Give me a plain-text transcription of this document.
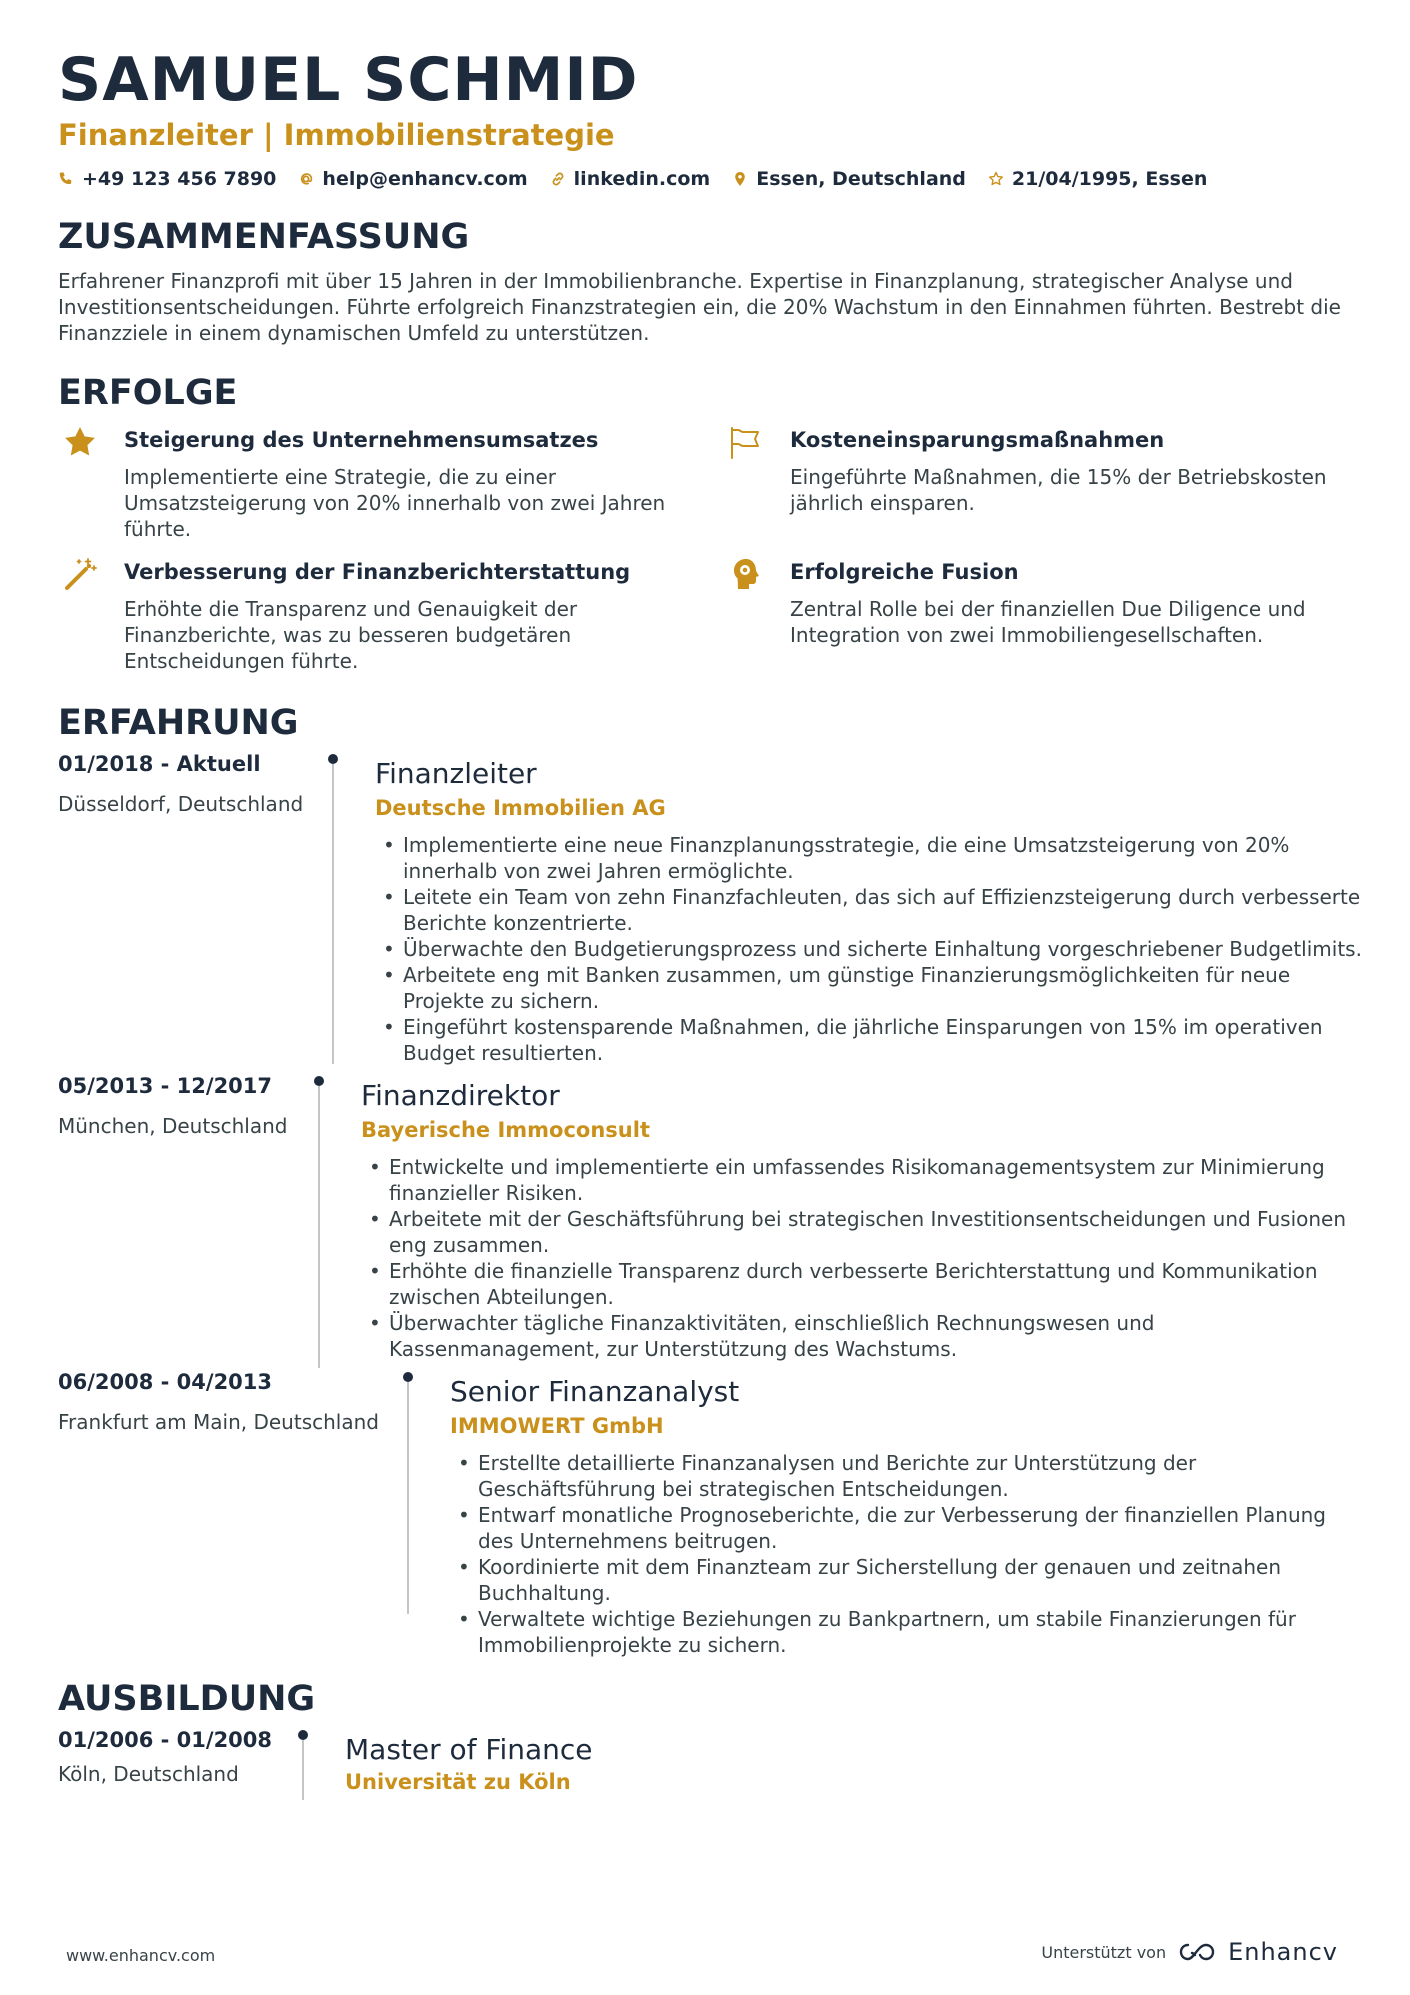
SAMUEL SCHMID
Finanzleiter | Immobilienstrategie
+49 123 456 7890 help@enhancv.com linkedin.com Essen, Deutschland 21/04/1995, Essen
ZUSAMMENFASSUNG
Erfahrener Finanzprofi mit über 15 Jahren in der Immobilienbranche. Expertise in Finanzplanung, strategischer Analyse und Investitionsentscheidungen. Führte erfolgreich Finanzstrategien ein, die 20% Wachstum in den Einnahmen führten. Bestrebt die Finanzziele in einem dynamischen Umfeld zu unterstützen.
ERFOLGE
Steigerung des Unternehmensumsatzes
Implementierte eine Strategie, die zu einer Umsatzsteigerung von 20% innerhalb von zwei Jahren führte.
Kosteneinsparungsmaßnahmen
Eingeführte Maßnahmen, die 15% der Betriebskosten jährlich einsparen.
Verbesserung der Finanzberichterstattung
Erhöhte die Transparenz und Genauigkeit der Finanzberichte, was zu besseren budgetären Entscheidungen führte.
Erfolgreiche Fusion
Zentral Rolle bei der finanziellen Due Diligence und Integration von zwei Immobiliengesellschaften.
ERFAHRUNG
01/2018 - Aktuell
Düsseldorf, Deutschland
Finanzleiter
Deutsche Immobilien AG
• Implementierte eine neue Finanzplanungsstrategie, die eine Umsatzsteigerung von 20% innerhalb von zwei Jahren ermöglichte.
• Leitete ein Team von zehn Finanzfachleuten, das sich auf Effizienzsteigerung durch verbesserte Berichte konzentrierte.
• Überwachte den Budgetierungsprozess und sicherte Einhaltung vorgeschriebener Budgetlimits.
• Arbeitete eng mit Banken zusammen, um günstige Finanzierungsmöglichkeiten für neue Projekte zu sichern.
• Eingeführt kostensparende Maßnahmen, die jährliche Einsparungen von 15% im operativen Budget resultierten.
05/2013 - 12/2017
München, Deutschland
Finanzdirektor
Bayerische Immoconsult
• Entwickelte und implementierte ein umfassendes Risikomanagementsystem zur Minimierung finanzieller Risiken.
• Arbeitete mit der Geschäftsführung bei strategischen Investitionsentscheidungen und Fusionen eng zusammen.
• Erhöhte die finanzielle Transparenz durch verbesserte Berichterstattung und Kommunikation zwischen Abteilungen.
• Überwachter tägliche Finanzaktivitäten, einschließlich Rechnungswesen und Kassenmanagement, zur Unterstützung des Wachstums.
06/2008 - 04/2013
Frankfurt am Main, Deutschland
Senior Finanzanalyst
IMMOWERT GmbH
• Erstellte detaillierte Finanzanalysen und Berichte zur Unterstützung der Geschäftsführung bei strategischen Entscheidungen.
• Entwarf monatliche Prognoseberichte, die zur Verbesserung der finanziellen Planung des Unternehmens beitrugen.
• Koordinierte mit dem Finanzteam zur Sicherstellung der genauen und zeitnahen Buchhaltung.
• Verwaltete wichtige Beziehungen zu Bankpartnern, um stabile Finanzierungen für Immobilienprojekte zu sichern.
AUSBILDUNG
01/2006 - 01/2008
Köln, Deutschland
Master of Finance
Universität zu Köln
www.enhancv.com	Unterstützt von	Enhancv
